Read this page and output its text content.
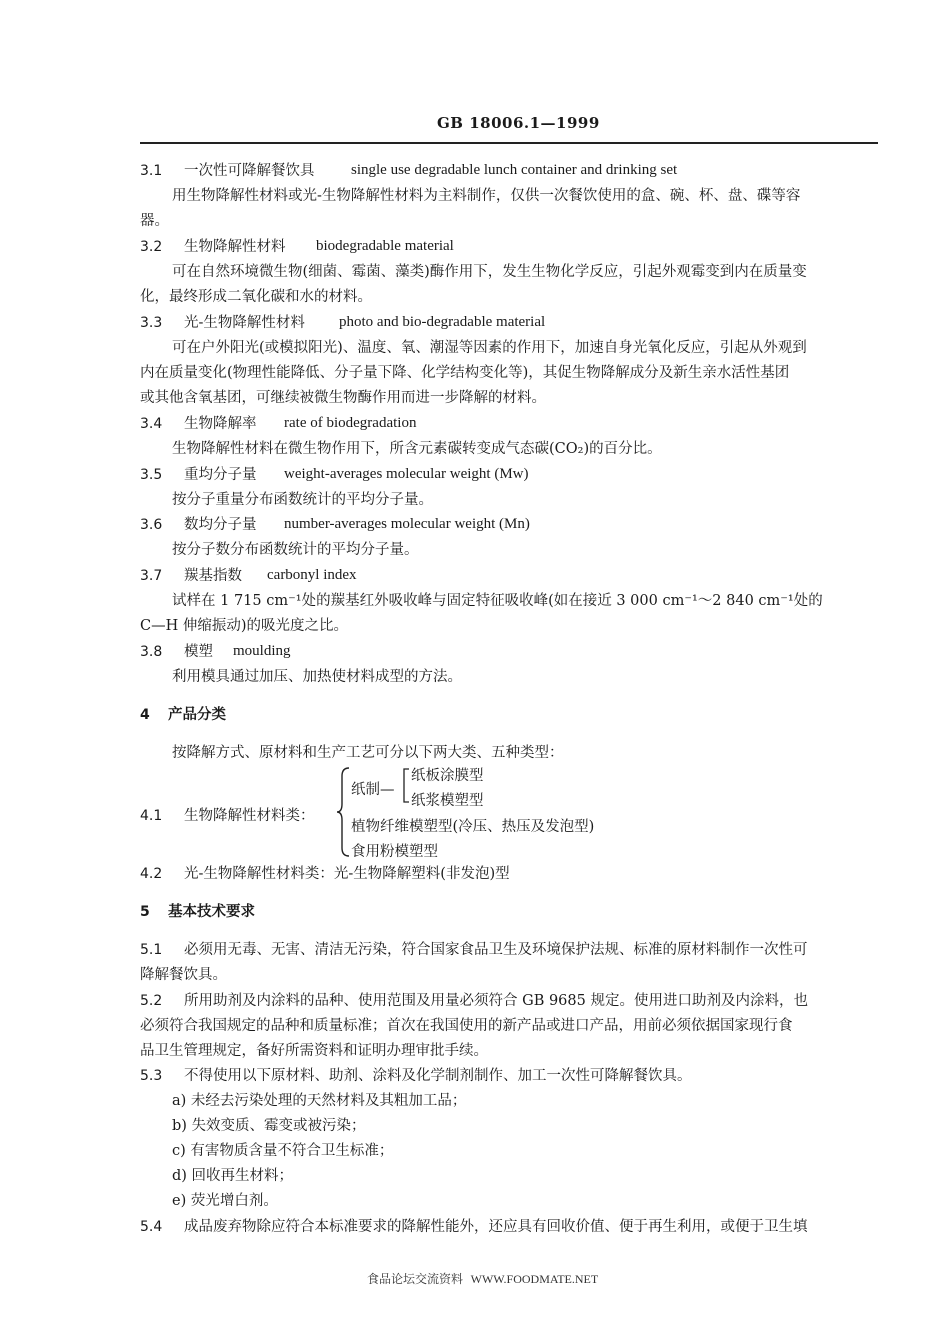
GB 18006.1—1999
3.1 一次性可降解餐饮具 single use degradable lunch container and drinking set
用生物降解性材料或光-生物降解性材料为主料制作，仅供一次餐饮使用的盒、碗、杯、盘、碟等容
器。
3.2 生物降解性材料 biodegradable material
可在自然环境微生物(细菌、霉菌、藻类)酶作用下，发生生物化学反应，引起外观霉变到内在质量变
化，最终形成二氧化碳和水的材料。
3.3 光-生物降解性材料 photo and bio-degradable material
可在户外阳光(或模拟阳光)、温度、氧、潮湿等因素的作用下，加速自身光氧化反应，引起从外观到
内在质量变化(物理性能降低、分子量下降、化学结构变化等)，其促生物降解成分及新生亲水活性基团
或其他含氧基团，可继续被微生物酶作用而进一步降解的材料。
3.4 生物降解率 rate of biodegradation
生物降解性材料在微生物作用下，所含元素碳转变成气态碳(CO₂)的百分比。
3.5 重均分子量 weight-averages molecular weight (Mw)
按分子重量分布函数统计的平均分子量。
3.6 数均分子量 number-averages molecular weight (Mn)
按分子数分布函数统计的平均分子量。
3.7 羰基指数 carbonyl index
试样在 1 715 cm⁻¹处的羰基红外吸收峰与固定特征吸收峰(如在接近 3 000 cm⁻¹～2 840 cm⁻¹处的
C—H 伸缩振动)的吸光度之比。
3.8 模塑 moulding
利用模具通过加压、加热使材料成型的方法。
4 产品分类
按降解方式、原材料和生产工艺可分以下两大类、五种类型：
4.1 生物降解性材料类：
纸制—
纸板涂膜型
纸浆模塑型
植物纤维模塑型(冷压、热压及发泡型)
食用粉模塑型
4.2 光-生物降解性材料类：光-生物降解塑料(非发泡)型
5 基本技术要求
5.1 必须用无毒、无害、清洁无污染，符合国家食品卫生及环境保护法规、标准的原材料制作一次性可
降解餐饮具。
5.2 所用助剂及内涂料的品种、使用范围及用量必须符合 GB 9685 规定。使用进口助剂及内涂料，也
必须符合我国规定的品种和质量标准；首次在我国使用的新产品或进口产品，用前必须依据国家现行食
品卫生管理规定，备好所需资料和证明办理审批手续。
5.3 不得使用以下原材料、助剂、涂料及化学制剂制作、加工一次性可降解餐饮具。
a) 未经去污染处理的天然材料及其粗加工品；
b) 失效变质、霉变或被污染；
c) 有害物质含量不符合卫生标准；
d) 回收再生材料；
e) 荧光增白剂。
5.4 成品废弃物除应符合本标准要求的降解性能外，还应具有回收价值、便于再生利用，或便于卫生填
食品论坛交流资料 WWW.FOODMATE.NET
